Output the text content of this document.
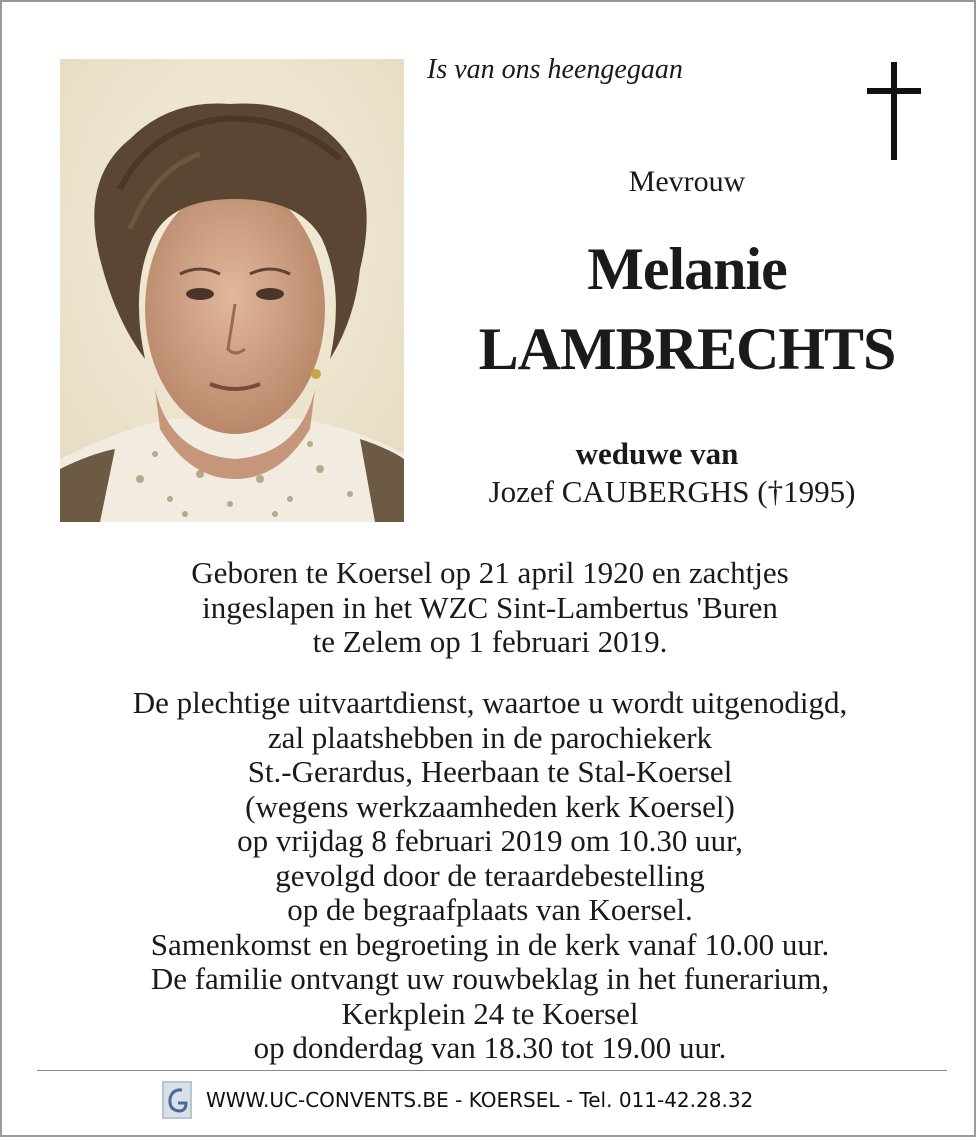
Is van ons heengegaan
Mevrouw
Melanie
LAMBRECHTS
weduwe van
Jozef CAUBERGHS (†1995)
Geboren te Koersel op 21 april 1920 en zachtjes
ingeslapen in het WZC Sint-Lambertus 'Buren
te Zelem op 1 februari 2019.
De plechtige uitvaartdienst, waartoe u wordt uitgenodigd,
zal plaatshebben in de parochiekerk
St.-Gerardus, Heerbaan te Stal-Koersel
(wegens werkzaamheden kerk Koersel)
op vrijdag 8 februari 2019 om 10.30 uur,
gevolgd door de teraardebestelling
op de begraafplaats van Koersel.
Samenkomst en begroeting in de kerk vanaf 10.00 uur.
De familie ontvangt uw rouwbeklag in het funerarium,
Kerkplein 24 te Koersel
op donderdag van 18.30 tot 19.00 uur.
WWW.UC-CONVENTS.BE - KOERSEL - Tel. 011-42.28.32
